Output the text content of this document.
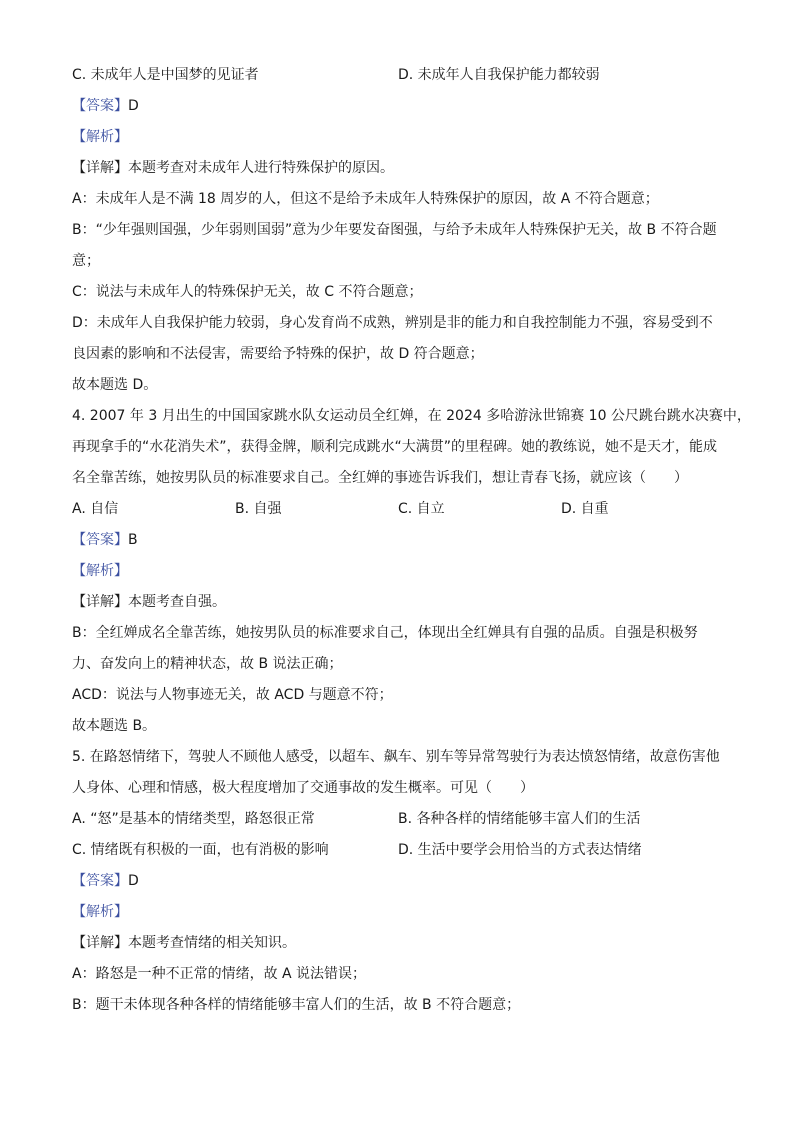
C. 未成年人是中国梦的见证者	D. 未成年人自我保护能力都较弱
【答案】D
【解析】
【详解】本题考查对未成年人进行特殊保护的原因。
A：未成年人是不满 18 周岁的人，但这不是给予未成年人特殊保护的原因，故 A 不符合题意；
B：“少年强则国强，少年弱则国弱”意为少年要发奋图强，与给予未成年人特殊保护无关，故 B 不符合题
意；
C：说法与未成年人的特殊保护无关，故 C 不符合题意；
D：未成年人自我保护能力较弱，身心发育尚不成熟，辨别是非的能力和自我控制能力不强，容易受到不
良因素的影响和不法侵害，需要给予特殊的保护，故 D 符合题意；
故本题选 D。
4. 2007 年 3 月出生的中国国家跳水队女运动员全红婵，在 2024 多哈游泳世锦赛 10 公尺跳台跳水决赛中，
再现拿手的“水花消失术”，获得金牌，顺利完成跳水“大满贯”的里程碑。她的教练说，她不是天才，能成
名全靠苦练，她按男队员的标准要求自己。全红婵的事迹告诉我们，想让青春飞扬，就应该（　　）
A. 自信	B. 自强	C. 自立	D. 自重
【答案】B
【解析】
【详解】本题考查自强。
B：全红婵成名全靠苦练，她按男队员的标准要求自己，体现出全红婵具有自强的品质。自强是积极努
力、奋发向上的精神状态，故 B 说法正确；
ACD：说法与人物事迹无关，故 ACD 与题意不符；
故本题选 B。
5. 在路怒情绪下，驾驶人不顾他人感受，以超车、飙车、别车等异常驾驶行为表达愤怒情绪，故意伤害他
人身体、心理和情感，极大程度增加了交通事故的发生概率。可见（　　）
A. “怒”是基本的情绪类型，路怒很正常	B. 各种各样的情绪能够丰富人们的生活
C. 情绪既有积极的一面，也有消极的影响	D. 生活中要学会用恰当的方式表达情绪
【答案】D
【解析】
【详解】本题考查情绪的相关知识。
A：路怒是一种不正常的情绪，故 A 说法错误；
B：题干未体现各种各样的情绪能够丰富人们的生活，故 B 不符合题意；
